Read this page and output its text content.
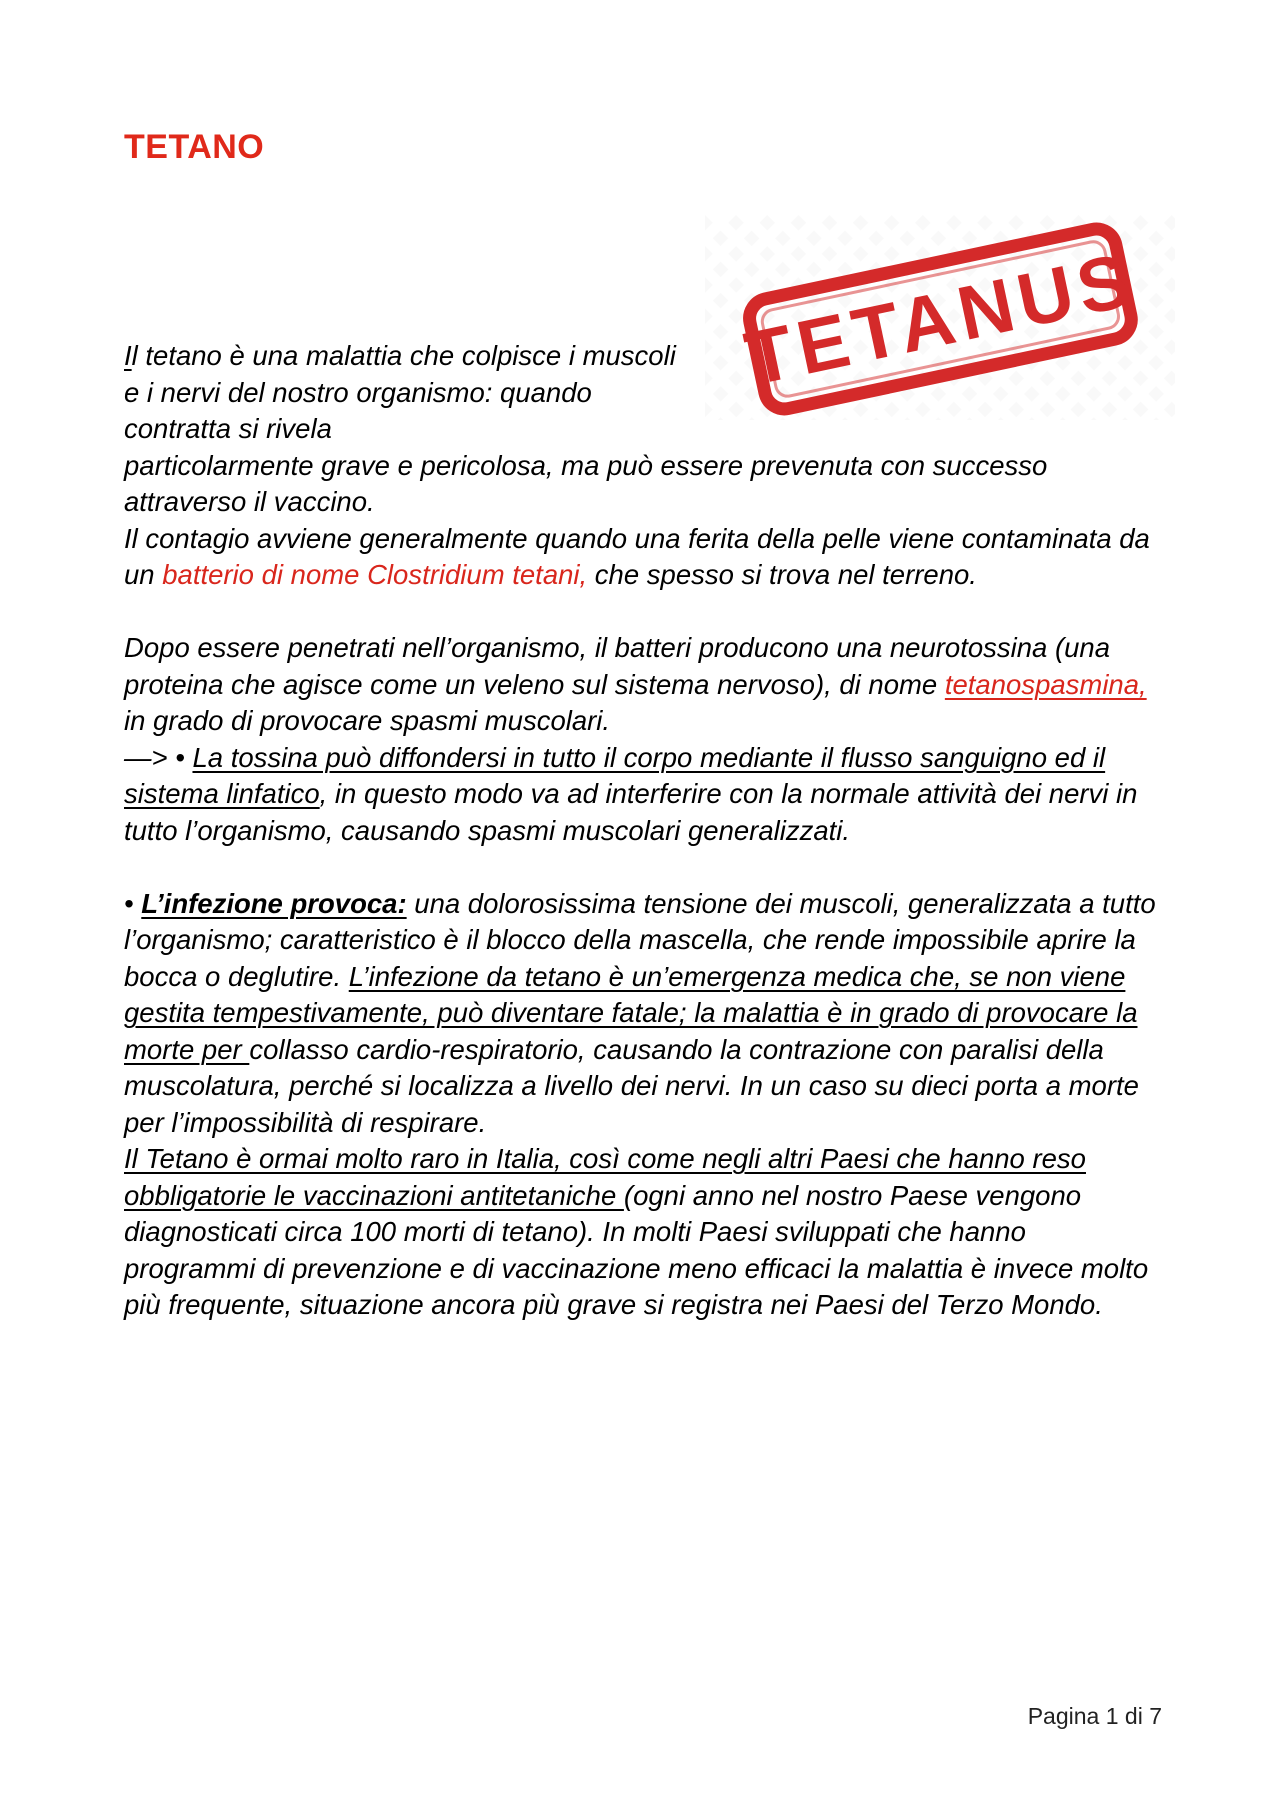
TETANO
TETANUS

Il tetano è una malattia che colpisce i muscoli e i nervi del nostro organismo: quando contratta si rivela
particolarmente grave e pericolosa, ma può essere prevenuta con successo attraverso il vaccino.

Il contagio avviene generalmente quando una ferita della pelle viene contaminata da un batterio di nome Clostridium tetani, che spesso si trova nel terreno.

Dopo essere penetrati nell’organismo, il batteri producono una neurotossina (una proteina che agisce come un veleno sul sistema nervoso), di nome tetanospasmina, in grado di provocare spasmi muscolari.

—> • La tossina può diffondersi in tutto il corpo mediante il flusso sanguigno ed il sistema linfatico, in questo modo va ad interferire con la normale attività dei nervi in tutto l’organismo, causando spasmi muscolari generalizzati.

• L’infezione provoca: una dolorosissima tensione dei muscoli, generalizzata a tutto l’organismo; caratteristico è il blocco della mascella, che rende impossibile aprire la bocca o deglutire. L’infezione da tetano è un’emergenza medica che, se non viene gestita tempestivamente, può diventare fatale; la malattia è in grado di provocare la morte per collasso cardio-respiratorio, causando la contrazione con paralisi della muscolatura, perché si localizza a livello dei nervi. In un caso su dieci porta a morte per l’impossibilità di respirare.

Il Tetano è ormai molto raro in Italia, così come negli altri Paesi che hanno reso obbligatorie le vaccinazioni antitetaniche (ogni anno nel nostro Paese vengono diagnosticati circa 100 morti di tetano). In molti Paesi sviluppati che hanno programmi di prevenzione e di vaccinazione meno efficaci la malattia è invece molto più frequente, situazione ancora più grave si registra nei Paesi del Terzo Mondo.

Pagina 1 di 7
